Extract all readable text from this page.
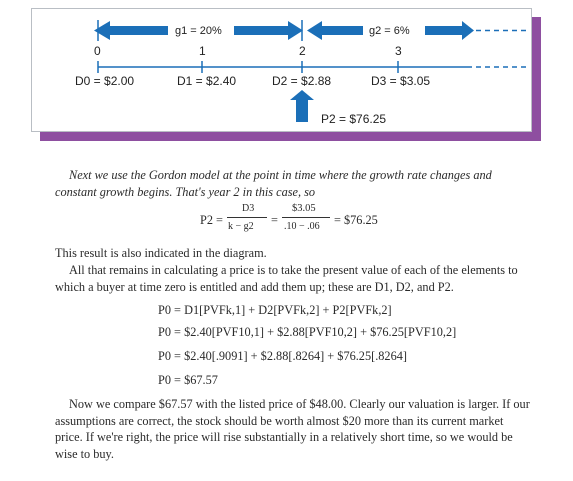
g1 = 20%	g2 = 6%
0	1	2	3
D0 = $2.00	D1 = $2.40	D2 = $2.88	D3 = $3.05
P2 = $76.25

Next we use the Gordon model at the point in time where the growth rate changes and constant growth begins. That's year 2 in this case, so

P2 =
D3
k − g2 =
$3.05
.10 − .06 = $76.25

This result is also indicated in the diagram.

All that remains in calculating a price is to take the present value of each of the elements to which a buyer at time zero is entitled and add them up; these are D1, D2, and P2.

P0 = D1[PVFk,1] + D2[PVFk,2] + P2[PVFk,2]
P0 = $2.40[PVF10,1] + $2.88[PVF10,2] + $76.25[PVF10,2]
P0 = $2.40[.9091] + $2.88[.8264] + $76.25[.8264]
P0 = $67.57

Now we compare $67.57 with the listed price of $48.00. Clearly our valuation is larger. If our assumptions are correct, the stock should be worth almost $20 more than its current market price. If we're right, the price will rise substantially in a relatively short time, so we would be wise to buy.
